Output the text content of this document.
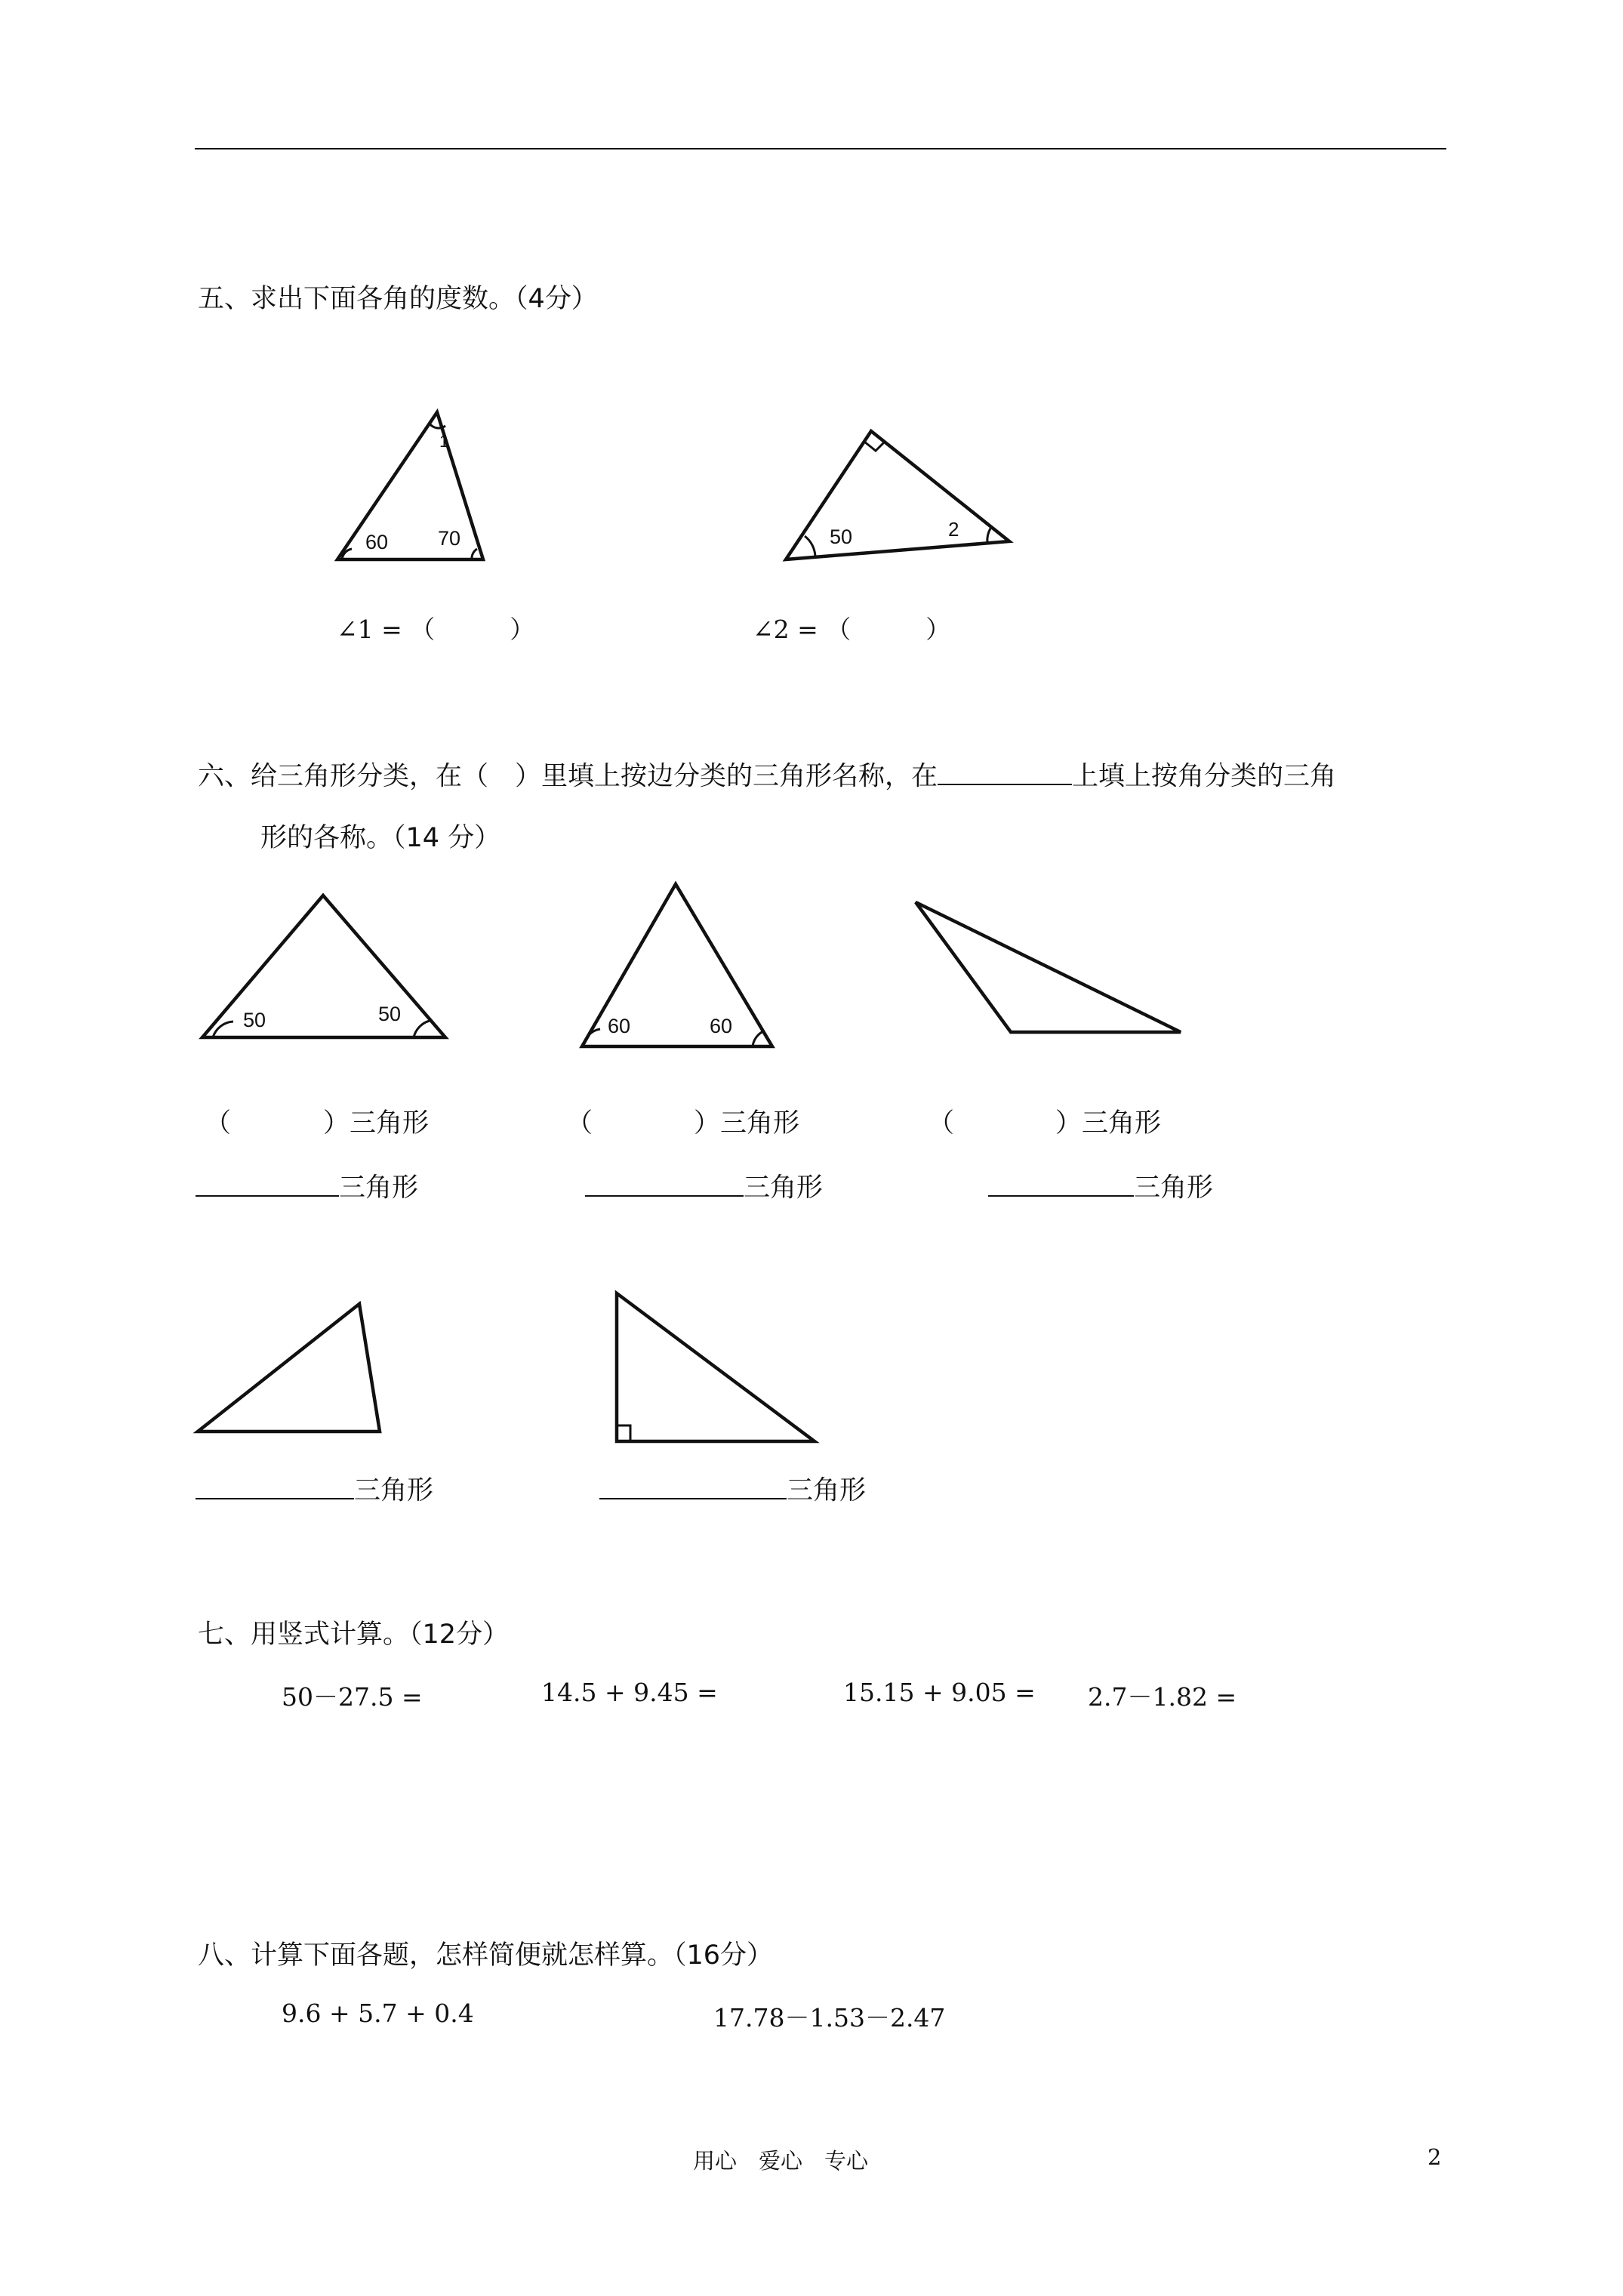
五、求出下面各角的度数。（4分）
1
60 70	50	2
50	50
60	60
∠1 = （　　　）	∠2 = （　　　）
六、给三角形分类，在（　）里填上按边分类的三角形名称，在	上填上按角分类的三角
形的各称。（14 分）
（	）三角形	（	）三角形	（	）三角形
三角形	三角形	三角形
三角形	三角形
七、用竖式计算。（12分）
50－27.5 =	14.5 + 9.45 =	15.15 + 9.05 = 2.7－1.82 =
八、计算下面各题，怎样简便就怎样算。（16分）
9.6 + 5.7 + 0.4	17.78－1.53－2.47
用心　爱心　专心	2
